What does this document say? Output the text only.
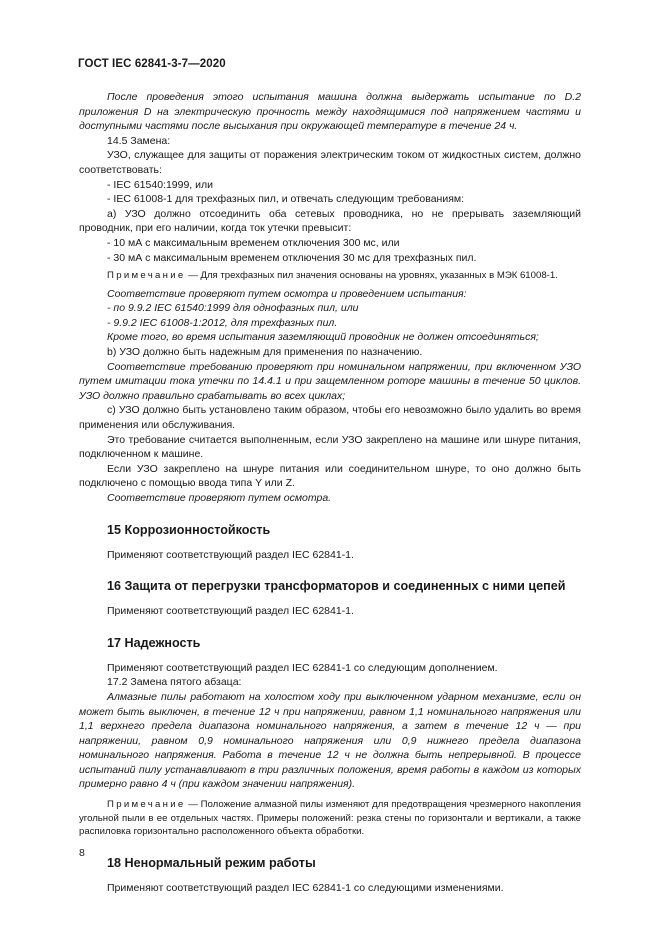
ГОСТ IEC 62841-3-7—2020

После проведения этого испытания машина должна выдержать испытание по D.2 приложения D на электрическую прочность между находящимися под напряжением частями и доступными частями после высыхания при окружающей температуре в течение 24 ч.

14.5 Замена:

УЗО, служащее для защиты от поражения электрическим током от жидкостных систем, должно соответствовать:

- IEC 61540:1999, или

- IEC 61008-1 для трехфазных пил, и отвечать следующим требованиям:

a) УЗО должно отсоединить оба сетевых проводника, но не прерывать заземляющий проводник, при его наличии, когда ток утечки превысит:

- 10 мА с максимальным временем отключения 300 мс, или

- 30 мА с максимальным временем отключения 30 мс для трехфазных пил.

Примечание — Для трехфазных пил значения основаны на уровнях, указанных в МЭК 61008-1.

Соответствие проверяют путем осмотра и проведением испытания:

- по 9.9.2 IEC 61540:1999 для однофазных пил, или

- 9.9.2 IEC 61008-1:2012, для трехфазных пил.

Кроме того, во время испытания заземляющий проводник не должен отсоединяться;

b) УЗО должно быть надежным для применения по назначению.

Соответствие требованию проверяют при номинальном напряжении, при включенном УЗО путем имитации тока утечки по 14.4.1 и при защемленном роторе машины в течение 50 циклов. УЗО должно правильно срабатывать во всех циклах;

c) УЗО должно быть установлено таким образом, чтобы его невозможно было удалить во время применения или обслуживания.

Это требование считается выполненным, если УЗО закреплено на машине или шнуре питания, подключенном к машине.

Если УЗО закреплено на шнуре питания или соединительном шнуре, то оно должно быть подключено с помощью ввода типа Y или Z.

Соответствие проверяют путем осмотра.

15 Коррозионностойкость

Применяют соответствующий раздел IEC 62841-1.

16 Защита от перегрузки трансформаторов и соединенных с ними цепей

Применяют соответствующий раздел IEC 62841-1.

17 Надежность

Применяют соответствующий раздел IEC 62841-1 со следующим дополнением.

17.2 Замена пятого абзаца:

Алмазные пилы работают на холостом ходу при выключенном ударном механизме, если он может быть выключен, в течение 12 ч при напряжении, равном 1,1 номинального напряжения или 1,1 верхнего предела диапазона номинального напряжения, а затем в течение 12 ч — при напряжении, равном 0,9 номинального напряжения или 0,9 нижнего предела диапазона номинального напряжения. Работа в течение 12 ч не должна быть непрерывной. В процессе испытаний пилу устанавливают в три различных положения, время работы в каждом из которых примерно равно 4 ч (при каждом значении напряжения).

Примечание — Положение алмазной пилы изменяют для предотвращения чрезмерного накопления угольной пыли в ее отдельных частях. Примеры положений: резка стены по горизонтали и вертикали, а также распиловка горизонтально расположенного объекта обработки.

18 Ненормальный режим работы

Применяют соответствующий раздел IEC 62841-1 со следующими изменениями.

8
